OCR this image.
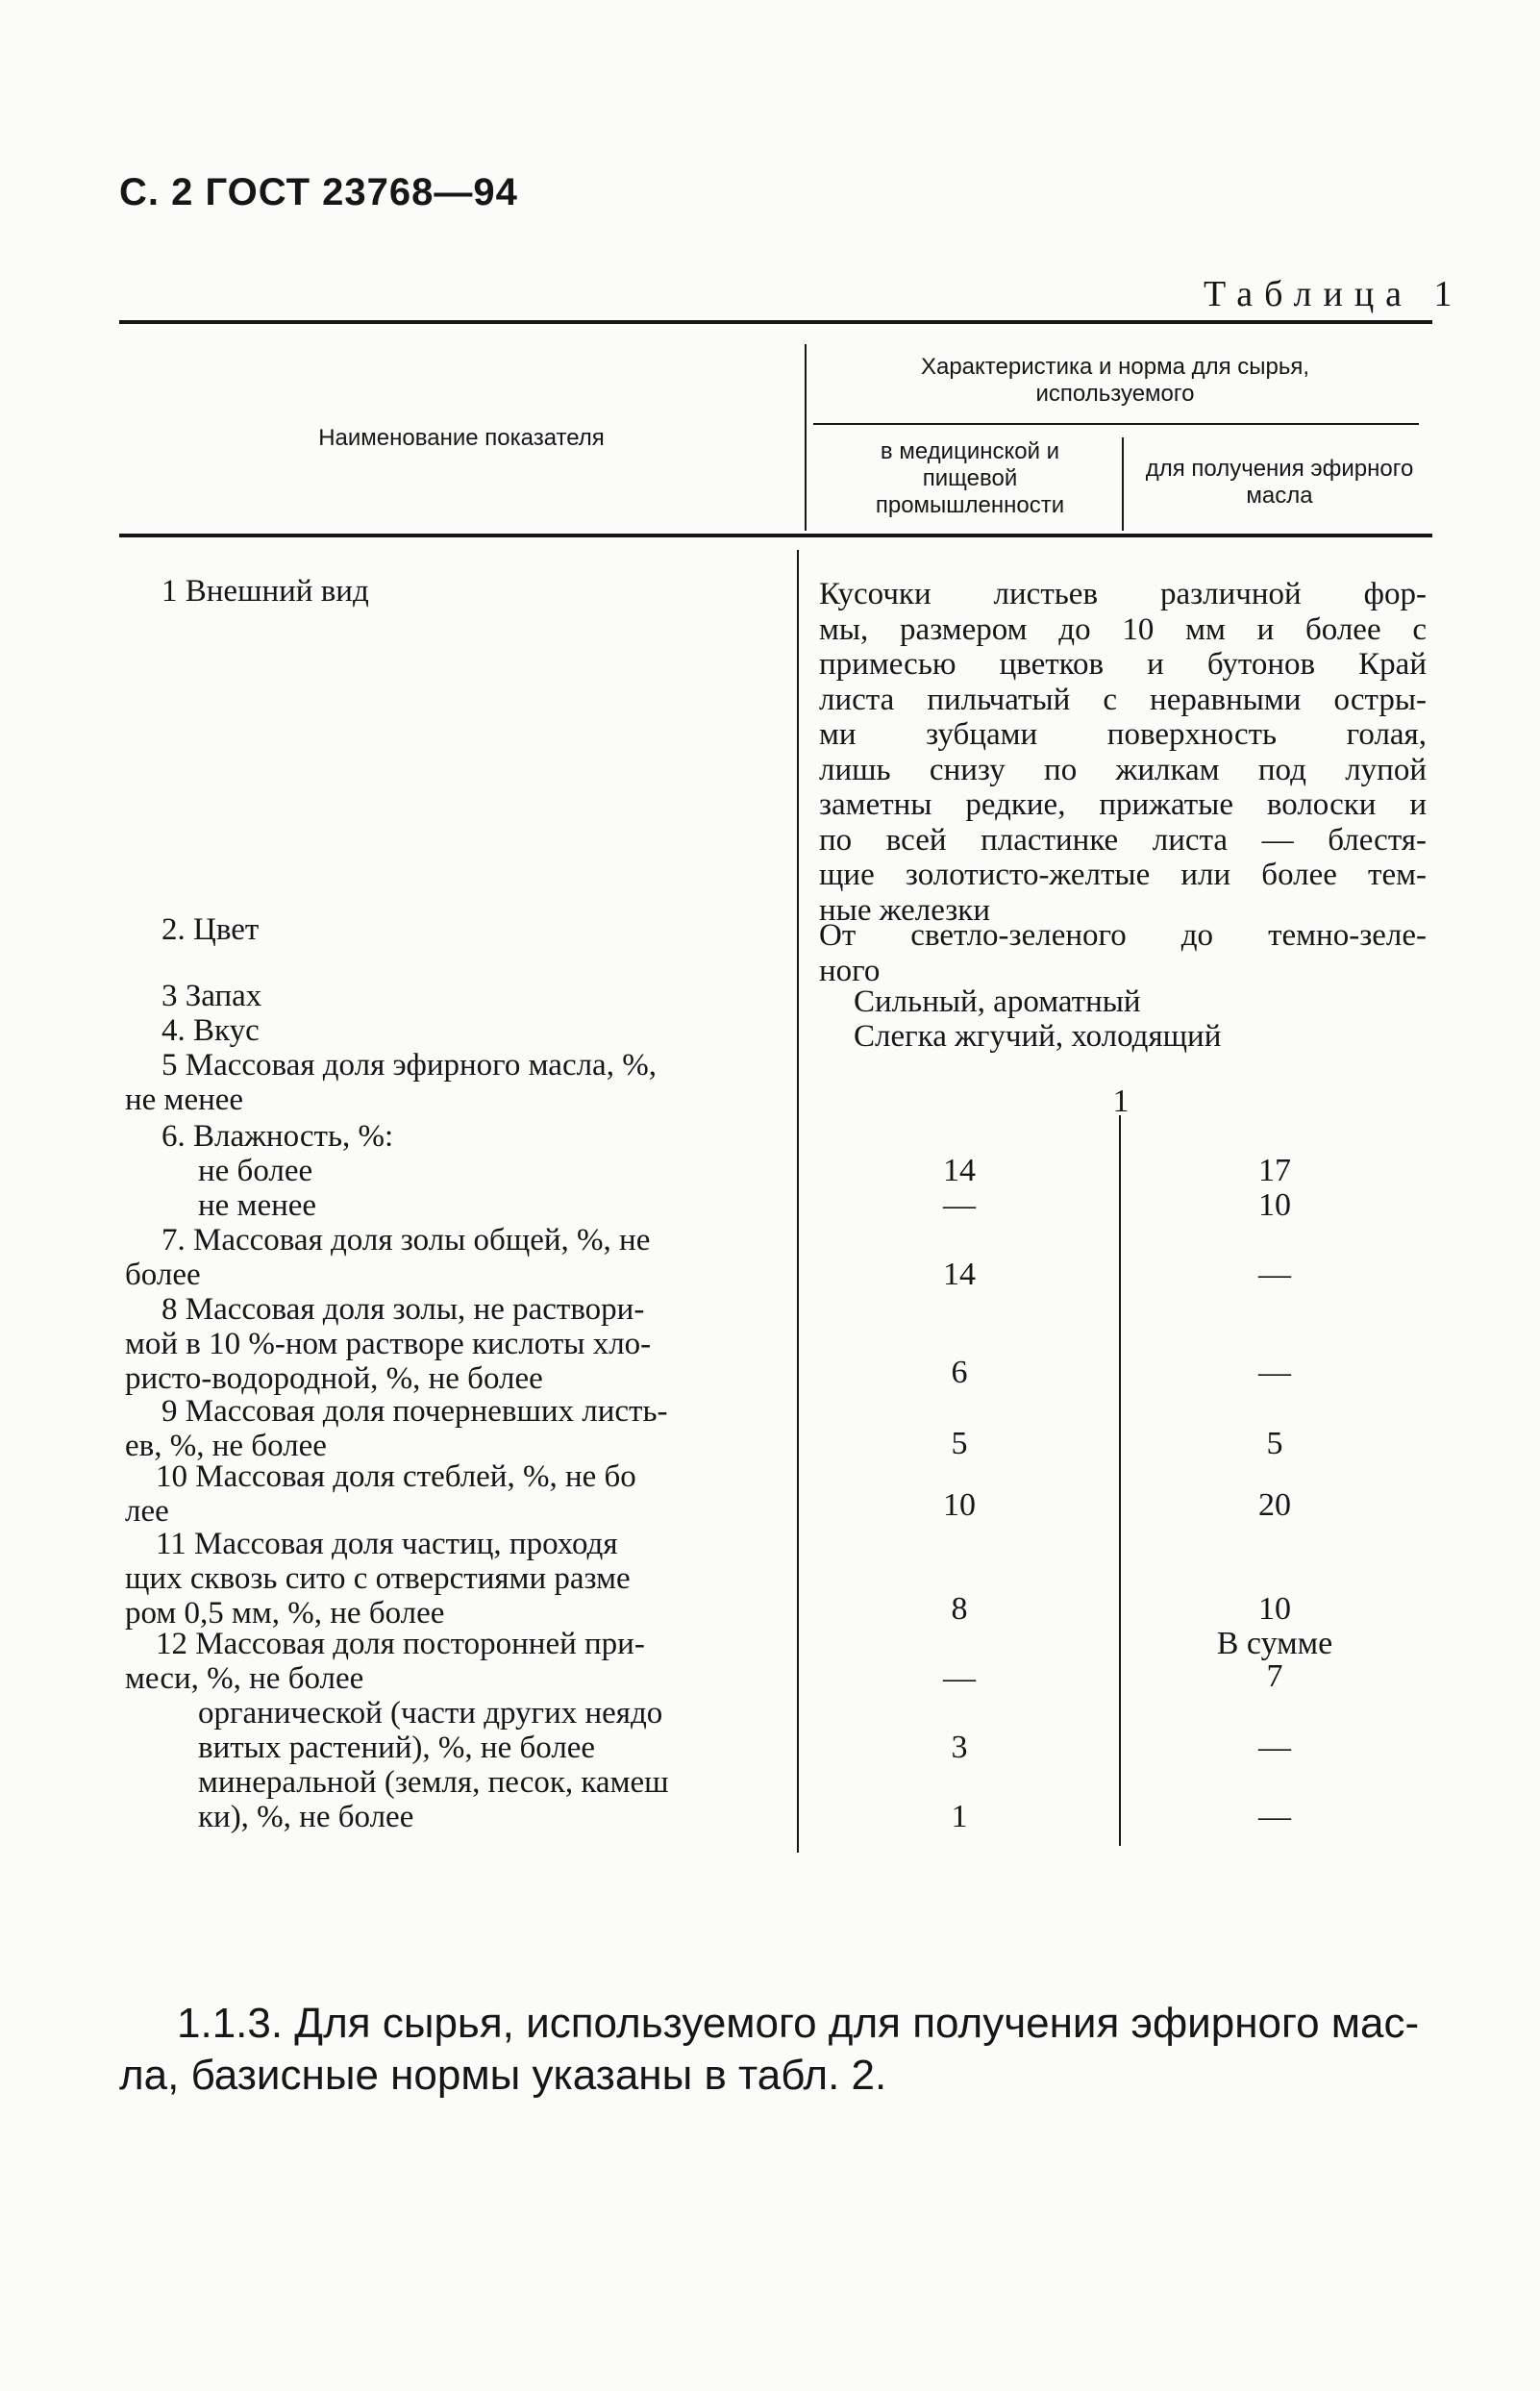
С. 2 ГОСТ 23768—94
Таблица 1
Наименование показателя
Характеристика и норма для сырья, используемого
в медицинской и пищевой промышленности
для получения эфирного масла
1 Внешний вид	Кусочки листьев различной фор-
мы, размером до 10 мм и более с
примесью цветков и бутонов Край
листа пильчатый с неравными остры-
ми зубцами поверхность голая,
лишь снизу по жилкам под лупой
заметны редкие, прижатые волоски и
по всей пластинке листа — блестя-
щие золотисто-желтые или более тем-
ные железки
2. Цвет	От светло-зеленого до темно-зеле-
ного
3 Запах	Сильный, ароматный
4. Вкус	Слегка жгучий, холодящий
5 Массовая доля эфирного масла, %,
не менее	1
6. Влажность, %:
не более	14	17
не менее	—	10
7. Массовая доля золы общей, %, не
более	14	—
8 Массовая доля золы, не раствори-
мой в 10 %-ном растворе кислоты хло-
ристо-водородной, %, не более	6	—
9 Массовая доля почерневших листь-
ев, %, не более	5	5
10 Массовая доля стеблей, %, не бо
лее	10	20
11 Массовая доля частиц, проходя
щих сквозь сито с отверстиями разме
ром 0,5 мм, %, не более	8	10
12 Массовая доля посторонней при-
меси, %, не более
В сумме
—	7
органической (части других неядо
витых растений), %, не более	3	—
минеральной (земля, песок, камеш
ки), %, не более	1	—
1.1.3. Для сырья, используемого для получения эфирного мас-
ла, базисные нормы указаны в табл. 2.
